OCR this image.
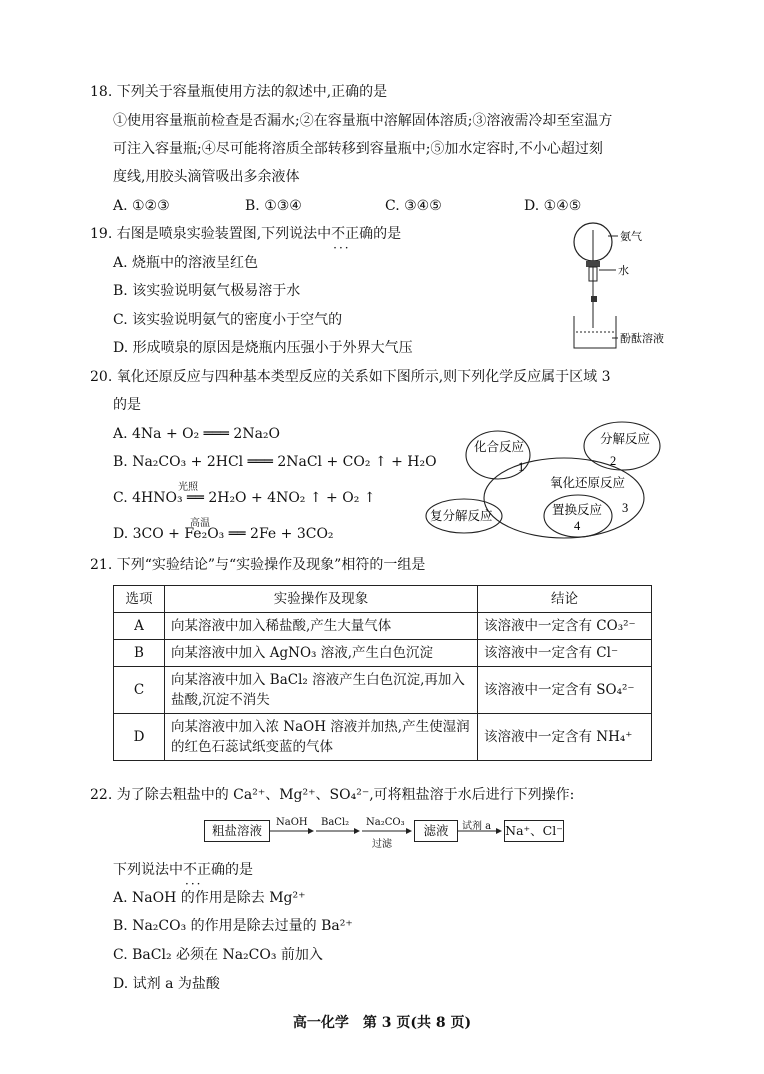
18. 下列关于容量瓶使用方法的叙述中,正确的是
①使用容量瓶前检查是否漏水;②在容量瓶中溶解固体溶质;③溶液需冷却至室温方
可注入容量瓶;④尽可能将溶质全部转移到容量瓶中;⑤加水定容时,不小心超过刻
度线,用胶头滴管吸出多余液体
A. ①②③	B. ①③④	C. ③④⑤	D. ①④⑤
19. 右图是喷泉实验装置图,下列说法中不正确 ···的是
A. 烧瓶中的溶液呈红色
B. 该实验说明氨气极易溶于水
C. 该实验说明氨气的密度小于空气的
D. 形成喷泉的原因是烧瓶内压强小于外界大气压
氨气
水
酚酞溶液
20. 氧化还原反应与四种基本类型反应的关系如下图所示,则下列化学反应属于区域 3
的是
A. 4Na + O₂ ═══ 2Na₂O
B. Na₂CO₃ + 2HCl ═══ 2NaCl + CO₂ ↑ + H₂O
光照
C. 4HNO₃ ══ 2H₂O + 4NO₂ ↑ + O₂ ↑
高温
D. 3CO + Fe₂O₃ ══ 2Fe + 3CO₂
化合反应
1
分解反应
2
氧化还原反应
3
置换反应
4
复分解反应
21. 下列“实验结论”与“实验操作及现象”相符的一组是
选项	实验操作及现象	结论
A	向某溶液中加入稀盐酸,产生大量气体	该溶液中一定含有 CO₃²⁻
B	向某溶液中加入 AgNO₃ 溶液,产生白色沉淀	该溶液中一定含有 Cl⁻
C	向某溶液中加入 BaCl₂ 溶液产生白色沉淀,再加入盐酸,沉淀不消失	该溶液中一定含有 SO₄²⁻
D	向某溶液中加入浓 NaOH 溶液并加热,产生使湿润的红色石蕊试纸变蓝的气体	该溶液中一定含有 NH₄⁺
22. 为了除去粗盐中的 Ca²⁺、Mg²⁺、SO₄²⁻,可将粗盐溶于水后进行下列操作:
粗盐溶液
NaOH BaCl₂ Na₂CO₃
过滤
滤液	试剂 a Na⁺、Cl⁻
下列说法中不正确 ···的是
A. NaOH 的作用是除去 Mg²⁺
B. Na₂CO₃ 的作用是除去过量的 Ba²⁺
C. BaCl₂ 必须在 Na₂CO₃ 前加入
D. 试剂 a 为盐酸
高一化学　第 3 页(共 8 页)
